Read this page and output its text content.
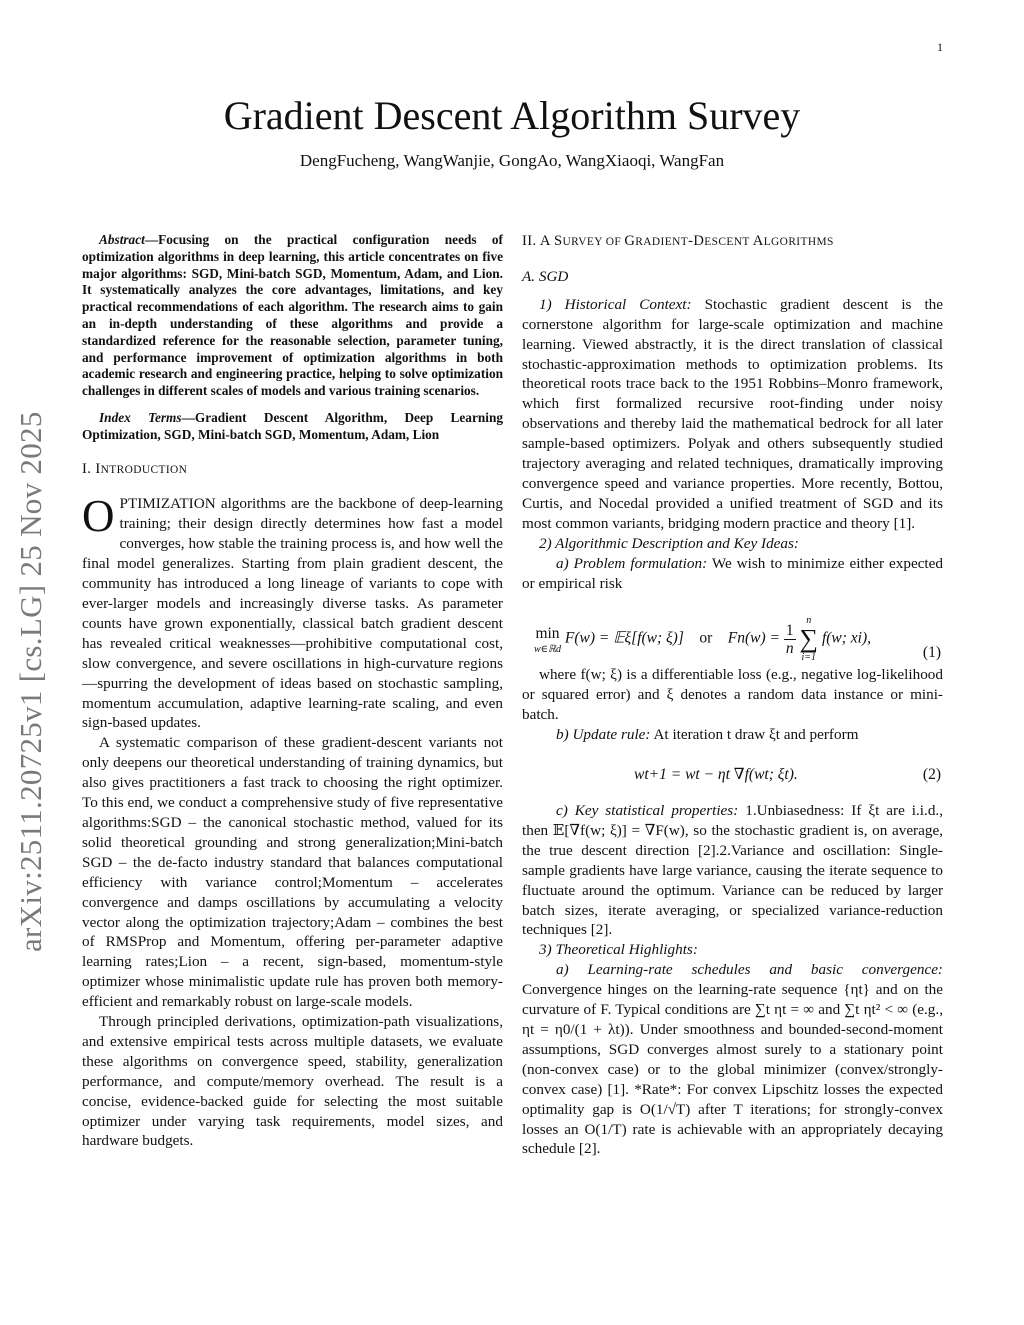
1
arXiv:2511.20725v1 [cs.LG] 25 Nov 2025
Gradient Descent Algorithm Survey
DengFucheng, WangWanjie, GongAo, WangXiaoqi, WangFan

Abstract—Focusing on the practical configuration needs of optimization algorithms in deep learning, this article concentrates on five major algorithms: SGD, Mini-batch SGD, Momentum, Adam, and Lion. It systematically analyzes the core advantages, limitations, and key practical recommendations of each algorithm. The research aims to gain an in-depth understanding of these algorithms and provide a standardized reference for the reasonable selection, parameter tuning, and performance improvement of optimization algorithms in both academic research and engineering practice, helping to solve optimization challenges in different scales of models and various training scenarios.

Index Terms—Gradient Descent Algorithm, Deep Learning Optimization, SGD, Mini-batch SGD, Momentum, Adam, Lion

I. INTRODUCTION

OPTIMIZATION algorithms are the backbone of deep-learning training; their design directly determines how fast a model converges, how stable the training process is, and how well the final model generalizes. Starting from plain gradient descent, the community has introduced a long lineage of variants to cope with ever-larger models and increasingly diverse tasks. As parameter counts have grown exponentially, classical batch gradient descent has revealed critical weaknesses—prohibitive computational cost, slow convergence, and severe oscillations in high-curvature regions—spurring the development of ideas based on stochastic sampling, momentum accumulation, adaptive learning-rate scaling, and even sign-based updates.

A systematic comparison of these gradient-descent variants not only deepens our theoretical understanding of training dynamics, but also gives practitioners a fast track to choosing the right optimizer. To this end, we conduct a comprehensive study of five representative algorithms:SGD – the canonical stochastic method, valued for its solid theoretical grounding and strong generalization;Mini-batch SGD – the de-facto industry standard that balances computational efficiency with variance control;Momentum – accelerates convergence and damps oscillations by accumulating a velocity vector along the optimization trajectory;Adam – combines the best of RMSProp and Momentum, offering per-parameter adaptive learning rates;Lion – a recent, sign-based, momentum-style optimizer whose minimalistic update rule has proven both memory-efficient and remarkably robust on large-scale models.

Through principled derivations, optimization-path visualizations, and extensive empirical tests across multiple datasets, we evaluate these algorithms on convergence speed, stability, generalization performance, and compute/memory overhead. The result is a concise, evidence-backed guide for selecting the most suitable optimizer under varying task requirements, model sizes, and hardware budgets.

II. A SURVEY OF GRADIENT-DESCENT ALGORITHMS

A. SGD

1) Historical Context: Stochastic gradient descent is the cornerstone algorithm for large-scale optimization and machine learning. Viewed abstractly, it is the direct translation of classical stochastic-approximation methods to optimization problems. Its theoretical roots trace back to the 1951 Robbins–Monro framework, which first formalized recursive root-finding under noisy observations and thereby laid the mathematical bedrock for all later sample-based optimizers. Polyak and others subsequently studied trajectory averaging and related techniques, dramatically improving convergence speed and variance properties. More recently, Bottou, Curtis, and Nocedal provided a unified treatment of SGD and its most common variants, bridging modern practice and theory [1].

2) Algorithmic Description and Key Ideas:

a) Problem formulation: We wish to minimize either expected or empirical risk

min
w∈ℝd
F(w) = 𝔼ξ[f(w; ξ)] or $Fn(w) = \frac{1}{n}$

n
∑
i=1
f(w; xi),
(1)

where f(w; ξ) is a differentiable loss (e.g., negative log-likelihood or squared error) and ξ denotes a random data instance or mini-batch.

b) Update rule: At iteration t draw ξt and perform

wt+1 = wt − ηt ∇f(wt; ξt).	(2)

c) Key statistical properties: 1.Unbiasedness: If ξt are i.i.d., then 𝔼[∇f(w; ξ)] = ∇F(w), so the stochastic gradient is, on average, the true descent direction [2].2.Variance and oscillation: Single-sample gradients have large variance, causing the iterate sequence to fluctuate around the optimum. Variance can be reduced by larger batch sizes, iterate averaging, or specialized variance-reduction techniques [2].

3) Theoretical Highlights:

a) Learning-rate schedules and basic convergence: Convergence hinges on the learning-rate sequence {ηt} and on the curvature of F. Typical conditions are ∑t ηt = ∞ and ∑t ηt² < ∞ (e.g., ηt = η0/(1 + λt)). Under smoothness and bounded-second-moment assumptions, SGD converges almost surely to a stationary point (non-convex case) or to the global minimizer (convex/strongly-convex case) [1]. *Rate*: For convex Lipschitz losses the expected optimality gap is O(1/√T) after T iterations; for strongly-convex losses an O(1/T) rate is achievable with an appropriately decaying schedule [2].
